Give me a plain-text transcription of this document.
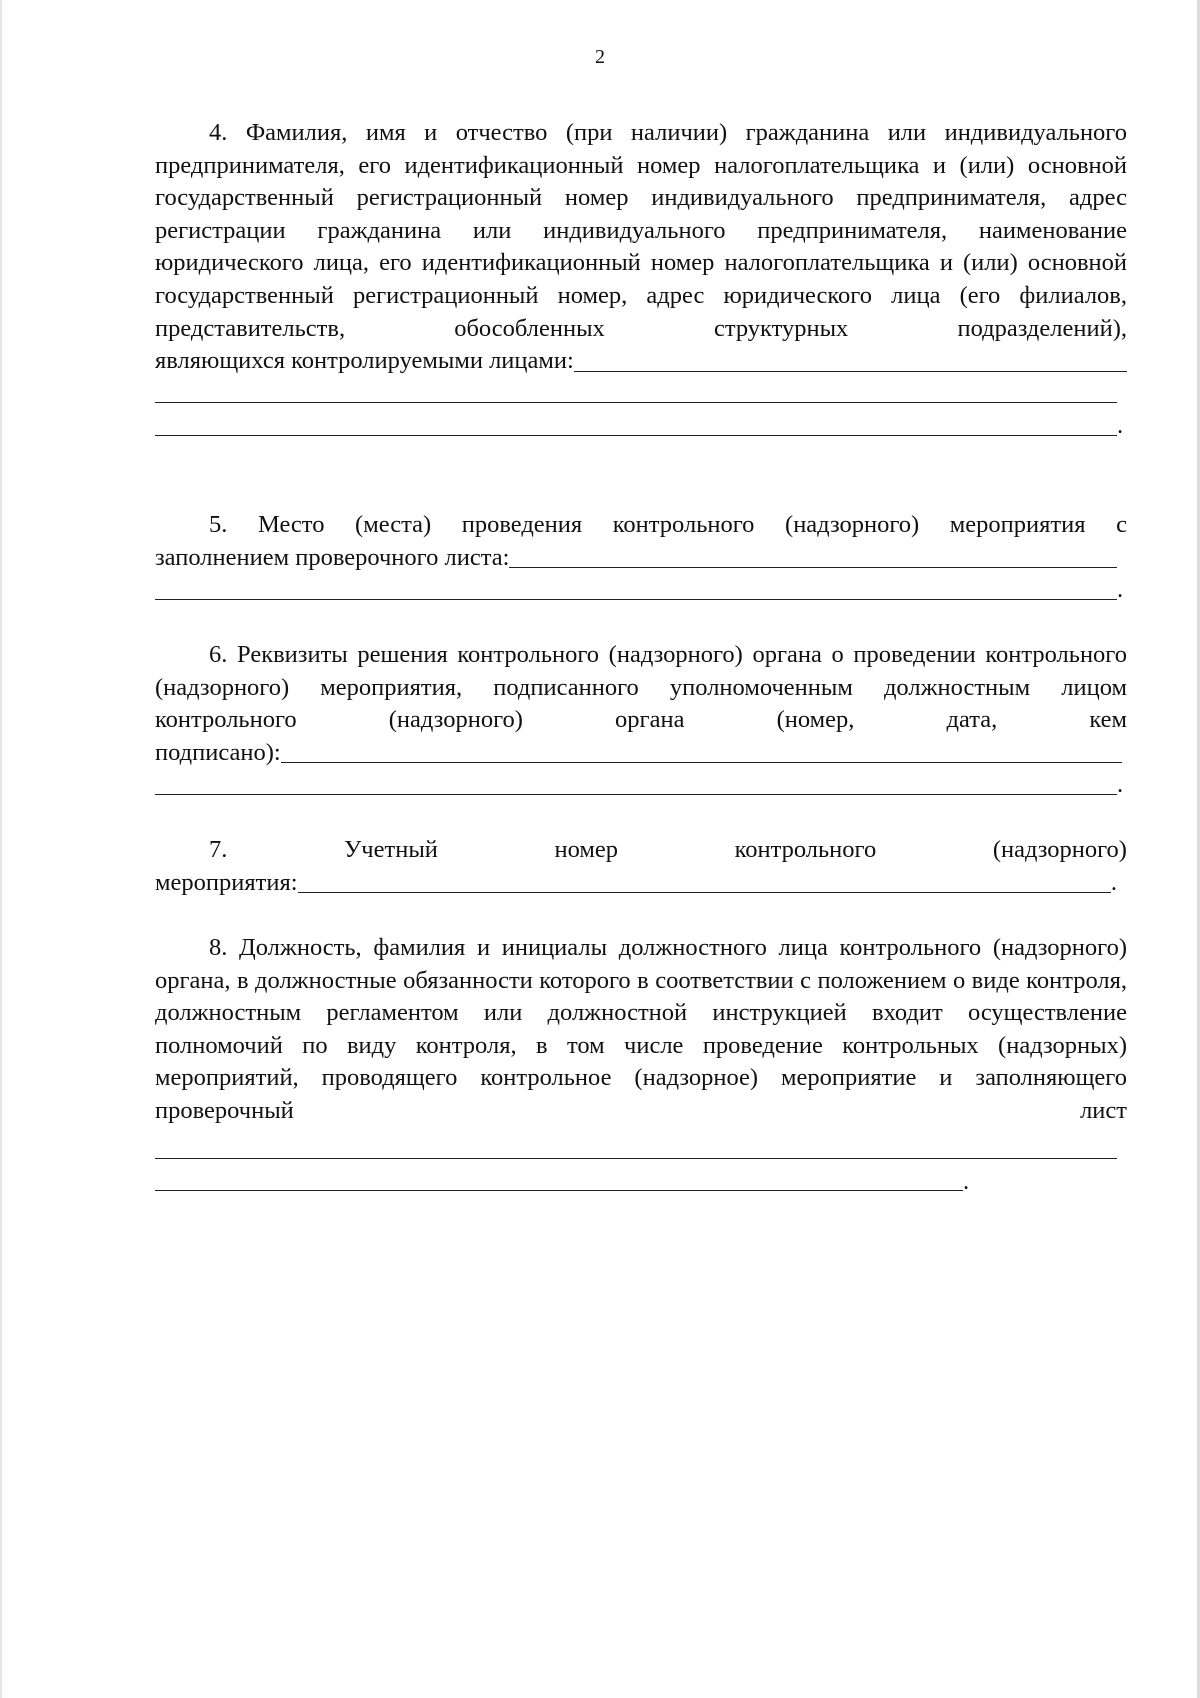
2

4. Фамилия, имя и отчество (при наличии) гражданина или индивидуального предпринимателя, его идентификационный номер налогоплательщика и (или) основной государственный регистрационный номер индивидуального предпринимателя, адрес регистрации гражданина или индивидуального предпринимателя, наименование юридического лица, его идентификационный номер налогоплательщика и (или) основной государственный регистрационный номер, адрес юридического лица (его филиалов, представительств, обособленных структурных подразделений),

являющихся контролируемыми лицами:
.

5. Место (места) проведения контрольного (надзорного) мероприятия с

заполнением проверочного листа:
.

6. Реквизиты решения контрольного (надзорного) органа о проведении контрольного (надзорного) мероприятия, подписанного уполномоченным должностным лицом контрольного (надзорного) органа (номер, дата, кем

подписано):
.
7.	Учетный	номер	контрольного	(надзорного)
мероприятия:	.

8. Должность, фамилия и инициалы должностного лица контрольного (надзорного) органа, в должностные обязанности которого в соответствии с положением о виде контроля, должностным регламентом или должностной инструкцией входит осуществление полномочий по виду контроля, в том числе проведение контрольных (надзорных) мероприятий, проводящего контрольное (надзорное) мероприятие и заполняющего проверочный лист

.
